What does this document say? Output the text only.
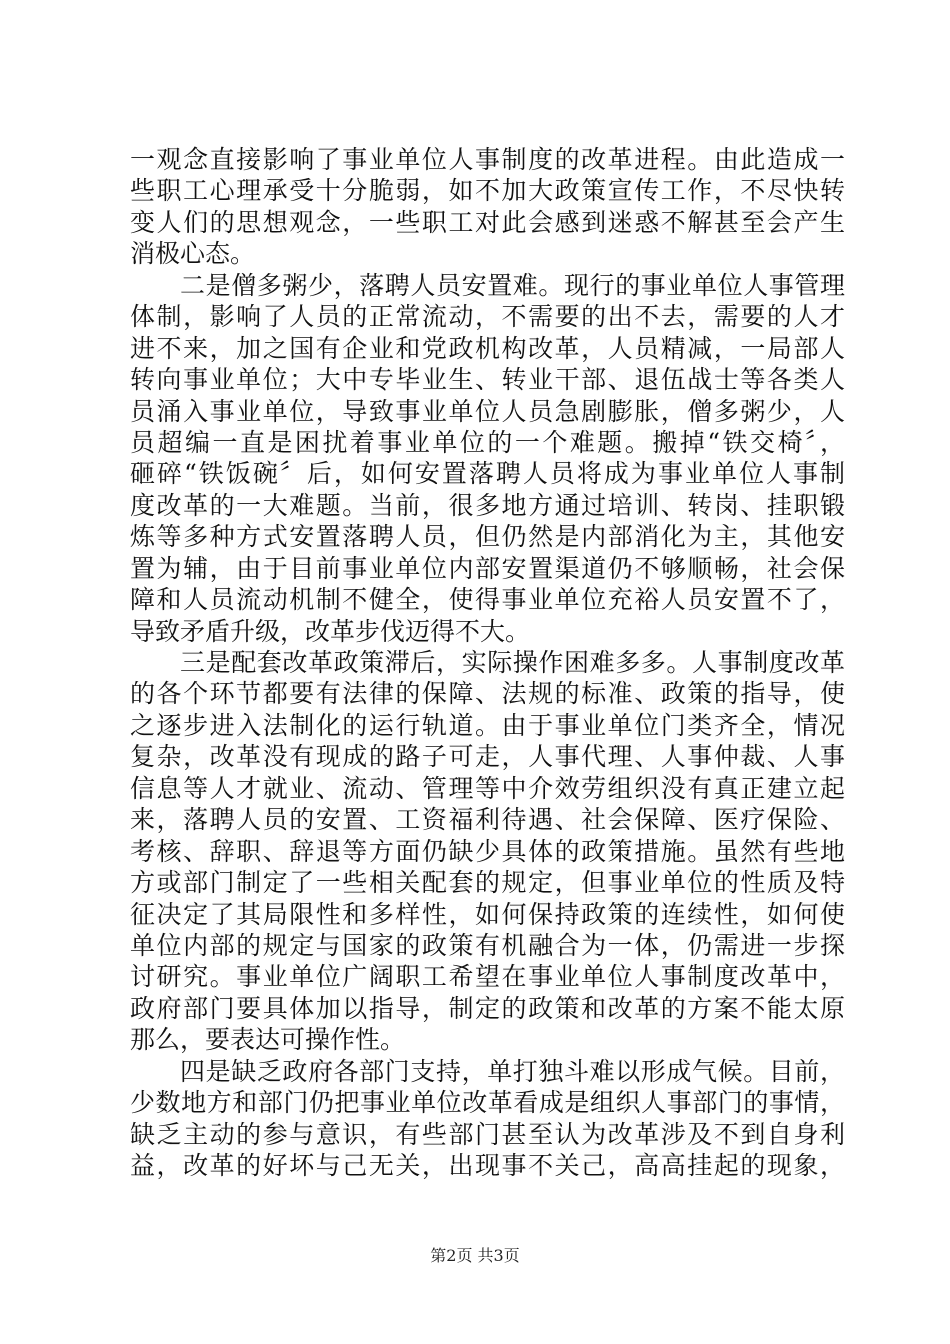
一观念直接影响了事业单位人事制度的改革进程。由此造成一
些职工心理承受十分脆弱，如不加大政策宣传工作，不尽快转
变人们的思想观念，一些职工对此会感到迷惑不解甚至会产生
消极心态。
二是僧多粥少，落聘人员安置难。现行的事业单位人事管理
体制，影响了人员的正常流动，不需要的出不去，需要的人才
进不来，加之国有企业和党政机构改革，人员精减，一局部人
转向事业单位；大中专毕业生、转业干部、退伍战士等各类人
员涌入事业单位，导致事业单位人员急剧膨胀，僧多粥少，人
员超编一直是困扰着事业单位的一个难题。搬掉“铁交椅〞，
砸碎“铁饭碗〞后，如何安置落聘人员将成为事业单位人事制
度改革的一大难题。当前，很多地方通过培训、转岗、挂职锻
炼等多种方式安置落聘人员，但仍然是内部消化为主，其他安
置为辅，由于目前事业单位内部安置渠道仍不够顺畅，社会保
障和人员流动机制不健全，使得事业单位充裕人员安置不了，
导致矛盾升级，改革步伐迈得不大。
三是配套改革政策滞后，实际操作困难多多。人事制度改革
的各个环节都要有法律的保障、法规的标准、政策的指导，使
之逐步进入法制化的运行轨道。由于事业单位门类齐全，情况
复杂，改革没有现成的路子可走，人事代理、人事仲裁、人事
信息等人才就业、流动、管理等中介效劳组织没有真正建立起
来，落聘人员的安置、工资福利待遇、社会保障、医疗保险、
考核、辞职、辞退等方面仍缺少具体的政策措施。虽然有些地
方或部门制定了一些相关配套的规定，但事业单位的性质及特
征决定了其局限性和多样性，如何保持政策的连续性，如何使
单位内部的规定与国家的政策有机融合为一体，仍需进一步探
讨研究。事业单位广阔职工希望在事业单位人事制度改革中，
政府部门要具体加以指导，制定的政策和改革的方案不能太原
那么，要表达可操作性。
四是缺乏政府各部门支持，单打独斗难以形成气候。目前，
少数地方和部门仍把事业单位改革看成是组织人事部门的事情，
缺乏主动的参与意识，有些部门甚至认为改革涉及不到自身利
益，改革的好坏与己无关，出现事不关己，高高挂起的现象，
第2页 共3页
